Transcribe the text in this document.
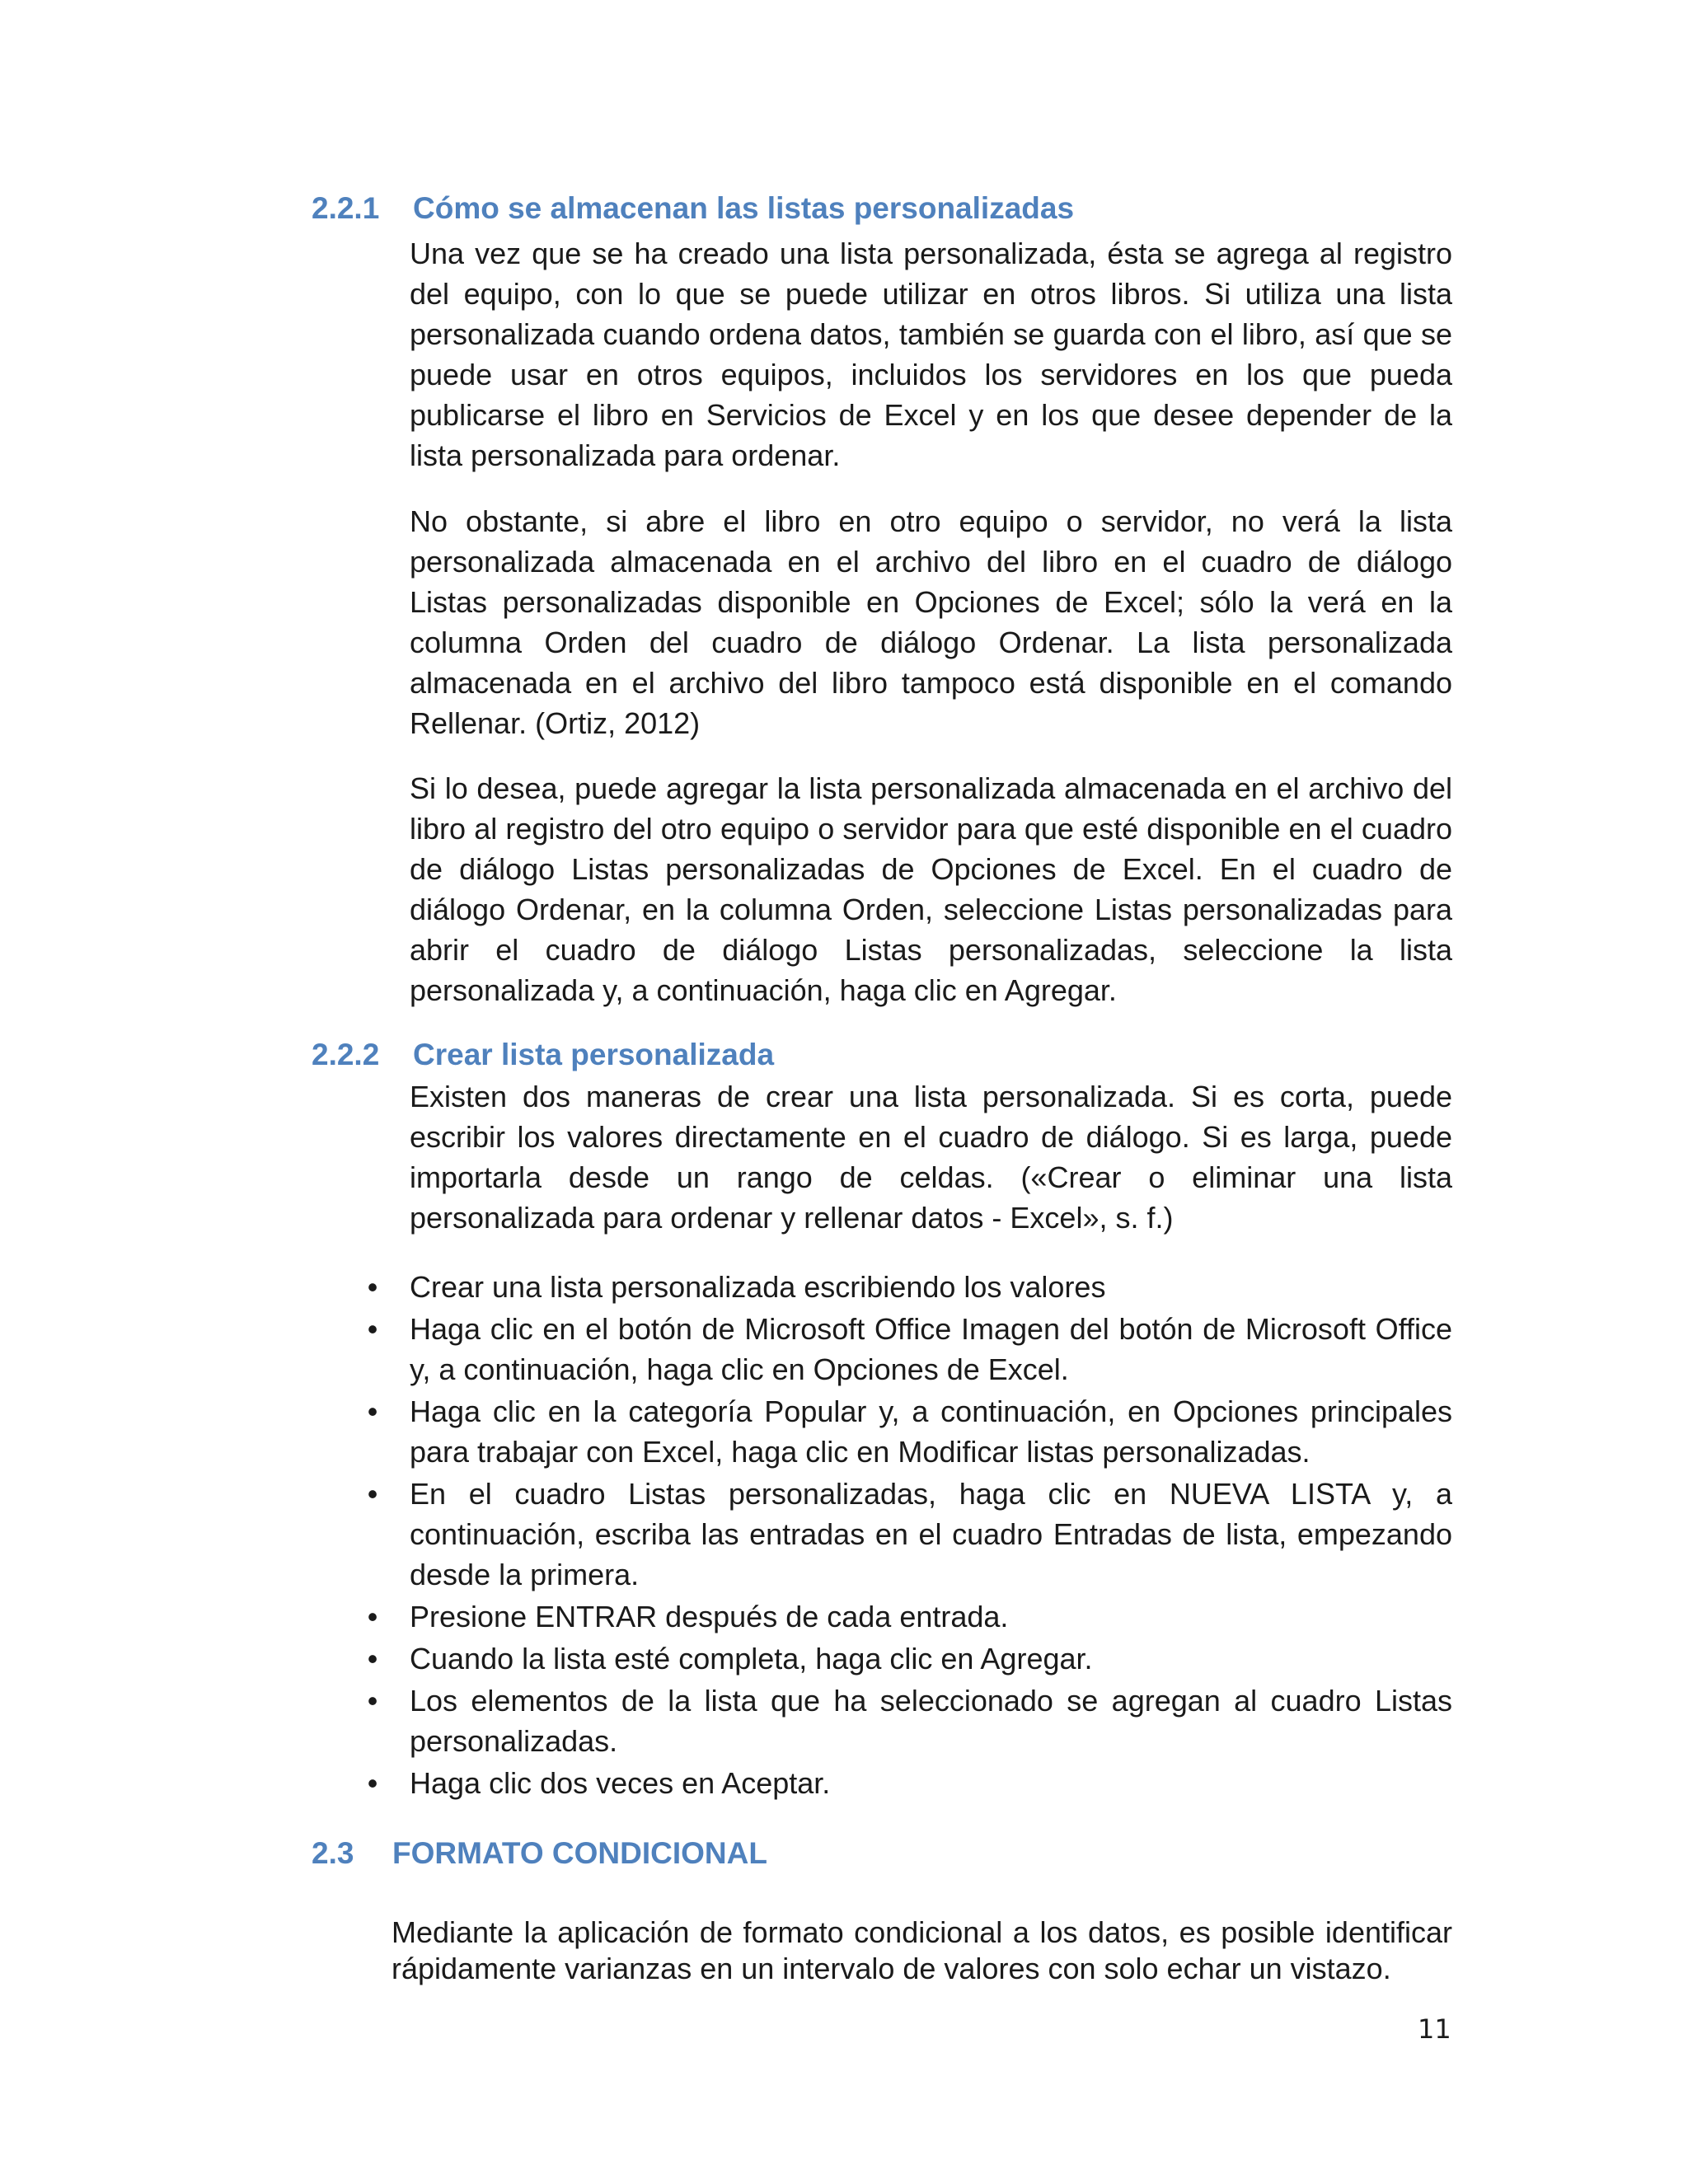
2.2.1 Cómo se almacenan las listas personalizadas

Una vez que se ha creado una lista personalizada, ésta se agrega al registro del equipo, con lo que se puede utilizar en otros libros. Si utiliza una lista personalizada cuando ordena datos, también se guarda con el libro, así que se puede usar en otros equipos, incluidos los servidores en los que pueda publicarse el libro en Servicios de Excel y en los que desee depender de la lista personalizada para ordenar.

No obstante, si abre el libro en otro equipo o servidor, no verá la lista personalizada almacenada en el archivo del libro en el cuadro de diálogo Listas personalizadas disponible en Opciones de Excel; sólo la verá en la columna Orden del cuadro de diálogo Ordenar. La lista personalizada almacenada en el archivo del libro tampoco está disponible en el comando Rellenar. (Ortiz, 2012)

Si lo desea, puede agregar la lista personalizada almacenada en el archivo del libro al registro del otro equipo o servidor para que esté disponible en el cuadro de diálogo Listas personalizadas de Opciones de Excel. En el cuadro de diálogo Ordenar, en la columna Orden, seleccione Listas personalizadas para abrir el cuadro de diálogo Listas personalizadas, seleccione la lista personalizada y, a continuación, haga clic en Agregar.

2.2.2 Crear lista personalizada

Existen dos maneras de crear una lista personalizada. Si es corta, puede escribir los valores directamente en el cuadro de diálogo. Si es larga, puede importarla desde un rango de celdas. («Crear o eliminar una lista personalizada para ordenar y rellenar datos - Excel», s. f.)

• Crear una lista personalizada escribiendo los valores
• Haga clic en el botón de Microsoft Office Imagen del botón de Microsoft Office y, a continuación, haga clic en Opciones de Excel.
• Haga clic en la categoría Popular y, a continuación, en Opciones principales para trabajar con Excel, haga clic en Modificar listas personalizadas.
• En el cuadro Listas personalizadas, haga clic en NUEVA LISTA y, a continuación, escriba las entradas en el cuadro Entradas de lista, empezando desde la primera.
• Presione ENTRAR después de cada entrada.
• Cuando la lista esté completa, haga clic en Agregar.
• Los elementos de la lista que ha seleccionado se agregan al cuadro Listas personalizadas.
• Haga clic dos veces en Aceptar.
2.3 FORMATO CONDICIONAL

Mediante la aplicación de formato condicional a los datos, es posible identificar rápidamente varianzas en un intervalo de valores con solo echar un vistazo.

11
